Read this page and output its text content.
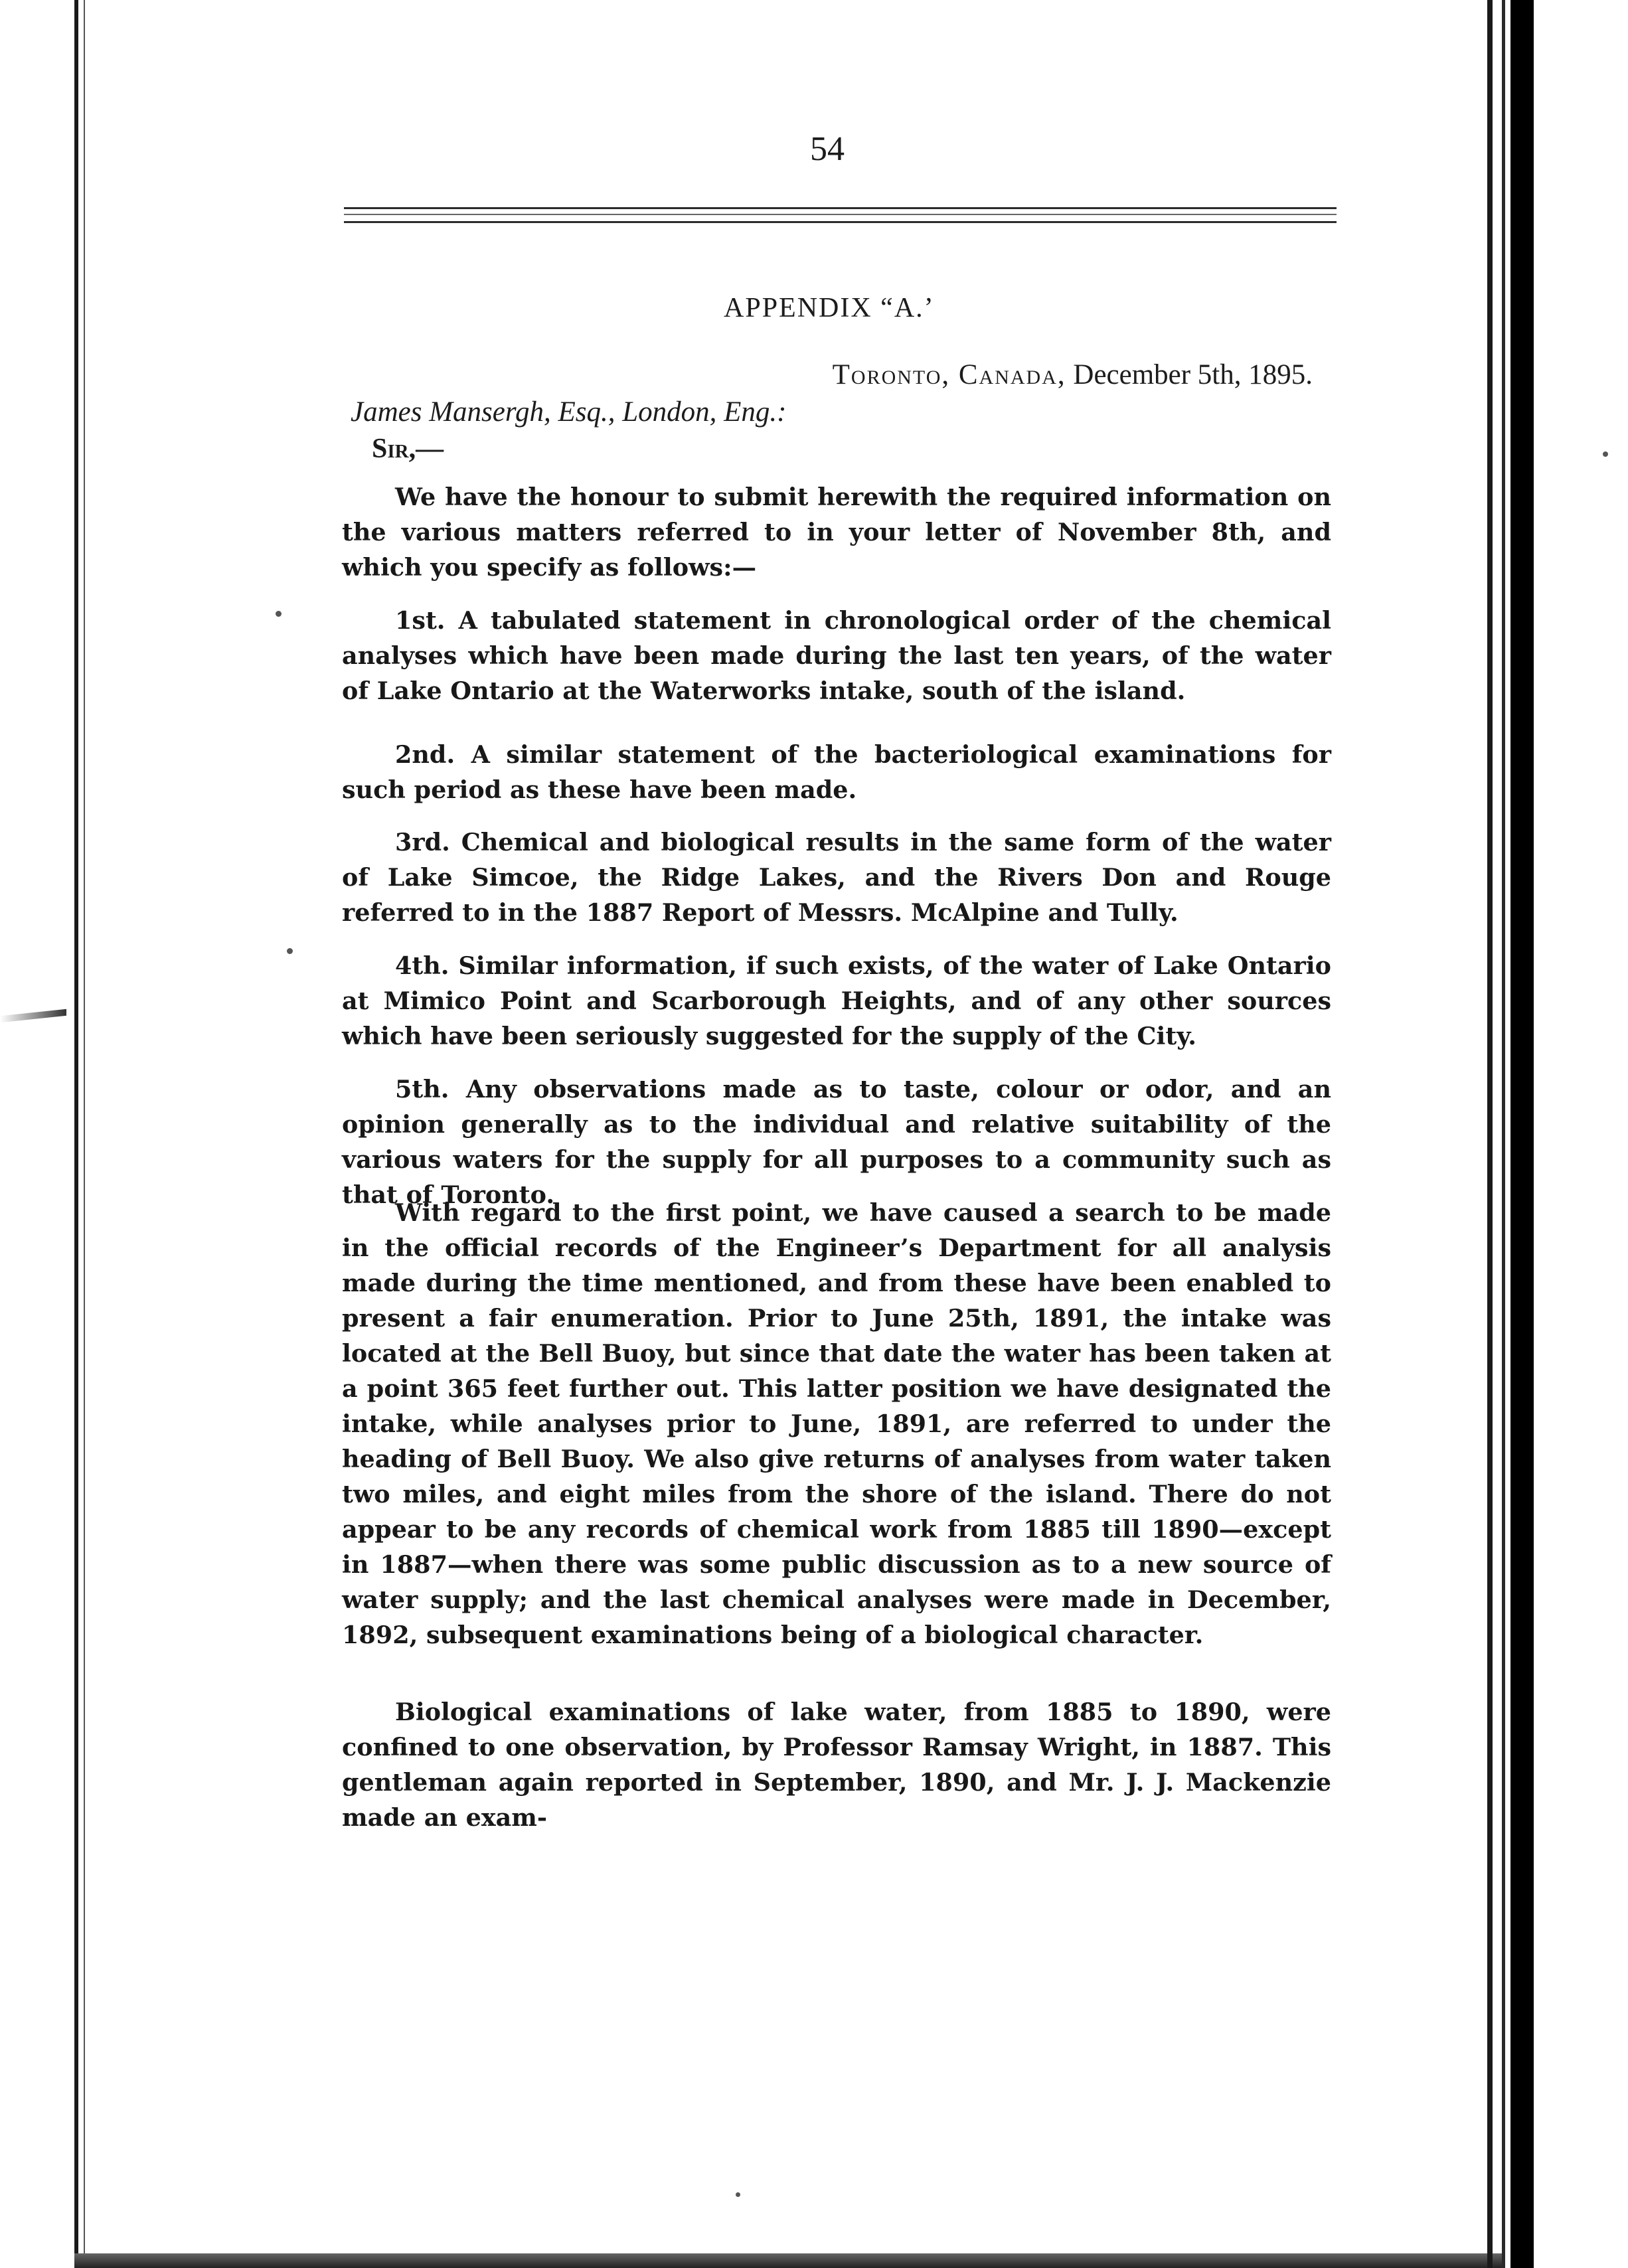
54
APPENDIX “A.’
Toronto, Canada, December 5th, 1895.
James Mansergh, Esq., London, Eng.:
Sir,—

We have the honour to submit herewith the required information on the various matters referred to in your letter of November 8th, and which you specify as follows:—

1st. A tabulated statement in chronological order of the chemical analyses which have been made during the last ten years, of the water of Lake Ontario at the Waterworks intake, south of the island.

2nd. A similar statement of the bacteriological examinations for such period as these have been made.

3rd. Chemical and biological results in the same form of the water of Lake Simcoe, the Ridge Lakes, and the Rivers Don and Rouge referred to in the 1887 Report of Messrs. McAlpine and Tully.

4th. Similar information, if such exists, of the water of Lake Ontario at Mimico Point and Scarborough Heights, and of any other sources which have been seriously suggested for the supply of the City.

5th. Any observations made as to taste, colour or odor, and an opinion generally as to the individual and relative suitability of the various waters for the supply for all purposes to a community such as that of Toronto.

With regard to the first point, we have caused a search to be made in the official records of the Engineer’s Department for all analysis made during the time mentioned, and from these have been enabled to present a fair enumeration. Prior to June 25th, 1891, the intake was located at the Bell Buoy, but since that date the water has been taken at a point 365 feet further out. This latter position we have designated the intake, while analyses prior to June, 1891, are referred to under the heading of Bell Buoy. We also give returns of analyses from water taken two miles, and eight miles from the shore of the island. There do not appear to be any records of chemical work from 1885 till 1890—except in 1887—when there was some public discussion as to a new source of water supply; and the last chemical analyses were made in December, 1892, subsequent examinations being of a biological character.

Biological examinations of lake water, from 1885 to 1890, were confined to one observation, by Professor Ramsay Wright, in 1887. This gentleman again reported in September, 1890, and Mr. J. J. Mackenzie made an exam-
